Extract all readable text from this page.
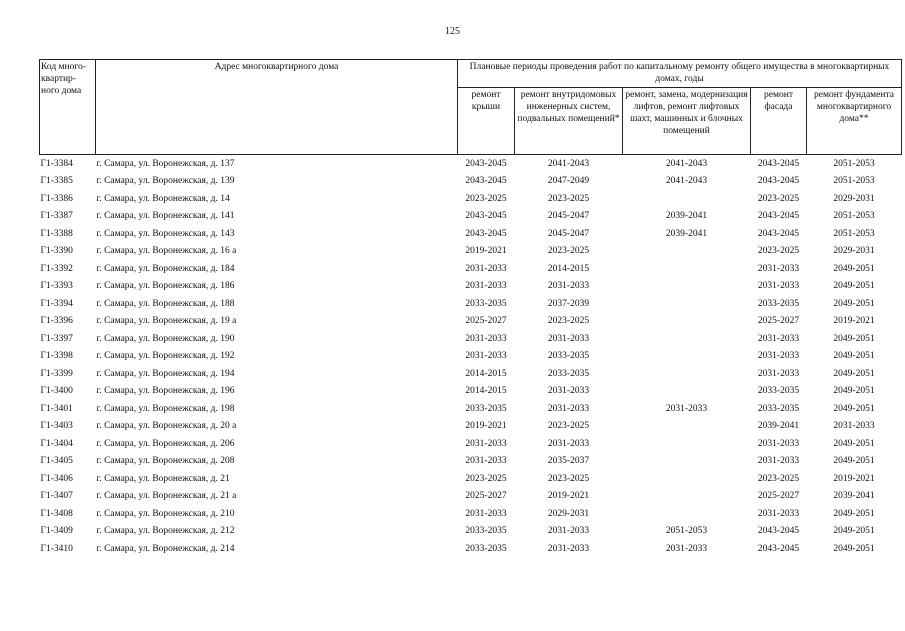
125
Код много-квартир-ного дома	Адрес многоквартирного дома	Плановые периоды проведения работ по капитальному ремонту общего имущества в многоквартирных домах, годы				
		ремонт крыши	ремонт внутридомовых инженерных систем, подвальных помещений*	ремонт, замена, модернизация лифтов, ремонт лифтовых шахт, машинных и блочных помещений	ремонт фасада	ремонт фундамента многоквартирного дома**
Г1-3384	г. Самара, ул. Воронежская, д. 137	2043-2045	2041-2043	2041-2043	2043-2045	2051-2053
Г1-3385	г. Самара, ул. Воронежская, д. 139	2043-2045	2047-2049	2041-2043	2043-2045	2051-2053
Г1-3386	г. Самара, ул. Воронежская, д. 14	2023-2025	2023-2025		2023-2025	2029-2031
Г1-3387	г. Самара, ул. Воронежская, д. 141	2043-2045	2045-2047	2039-2041	2043-2045	2051-2053
Г1-3388	г. Самара, ул. Воронежская, д. 143	2043-2045	2045-2047	2039-2041	2043-2045	2051-2053
Г1-3390	г. Самара, ул. Воронежская, д. 16 а	2019-2021	2023-2025		2023-2025	2029-2031
Г1-3392	г. Самара, ул. Воронежская, д. 184	2031-2033	2014-2015		2031-2033	2049-2051
Г1-3393	г. Самара, ул. Воронежская, д. 186	2031-2033	2031-2033		2031-2033	2049-2051
Г1-3394	г. Самара, ул. Воронежская, д. 188	2033-2035	2037-2039		2033-2035	2049-2051
Г1-3396	г. Самара, ул. Воронежская, д. 19 а	2025-2027	2023-2025		2025-2027	2019-2021
Г1-3397	г. Самара, ул. Воронежская, д. 190	2031-2033	2031-2033		2031-2033	2049-2051
Г1-3398	г. Самара, ул. Воронежская, д. 192	2031-2033	2033-2035		2031-2033	2049-2051
Г1-3399	г. Самара, ул. Воронежская, д. 194	2014-2015	2033-2035		2031-2033	2049-2051
Г1-3400	г. Самара, ул. Воронежская, д. 196	2014-2015	2031-2033		2033-2035	2049-2051
Г1-3401	г. Самара, ул. Воронежская, д. 198	2033-2035	2031-2033	2031-2033	2033-2035	2049-2051
Г1-3403	г. Самара, ул. Воронежская, д. 20 а	2019-2021	2023-2025		2039-2041	2031-2033
Г1-3404	г. Самара, ул. Воронежская, д. 206	2031-2033	2031-2033		2031-2033	2049-2051
Г1-3405	г. Самара, ул. Воронежская, д. 208	2031-2033	2035-2037		2031-2033	2049-2051
Г1-3406	г. Самара, ул. Воронежская, д. 21	2023-2025	2023-2025		2023-2025	2019-2021
Г1-3407	г. Самара, ул. Воронежская, д. 21 а	2025-2027	2019-2021		2025-2027	2039-2041
Г1-3408	г. Самара, ул. Воронежская, д. 210	2031-2033	2029-2031		2031-2033	2049-2051
Г1-3409	г. Самара, ул. Воронежская, д. 212	2033-2035	2031-2033	2051-2053	2043-2045	2049-2051
Г1-3410	г. Самара, ул. Воронежская, д. 214	2033-2035	2031-2033	2031-2033	2043-2045	2049-2051
